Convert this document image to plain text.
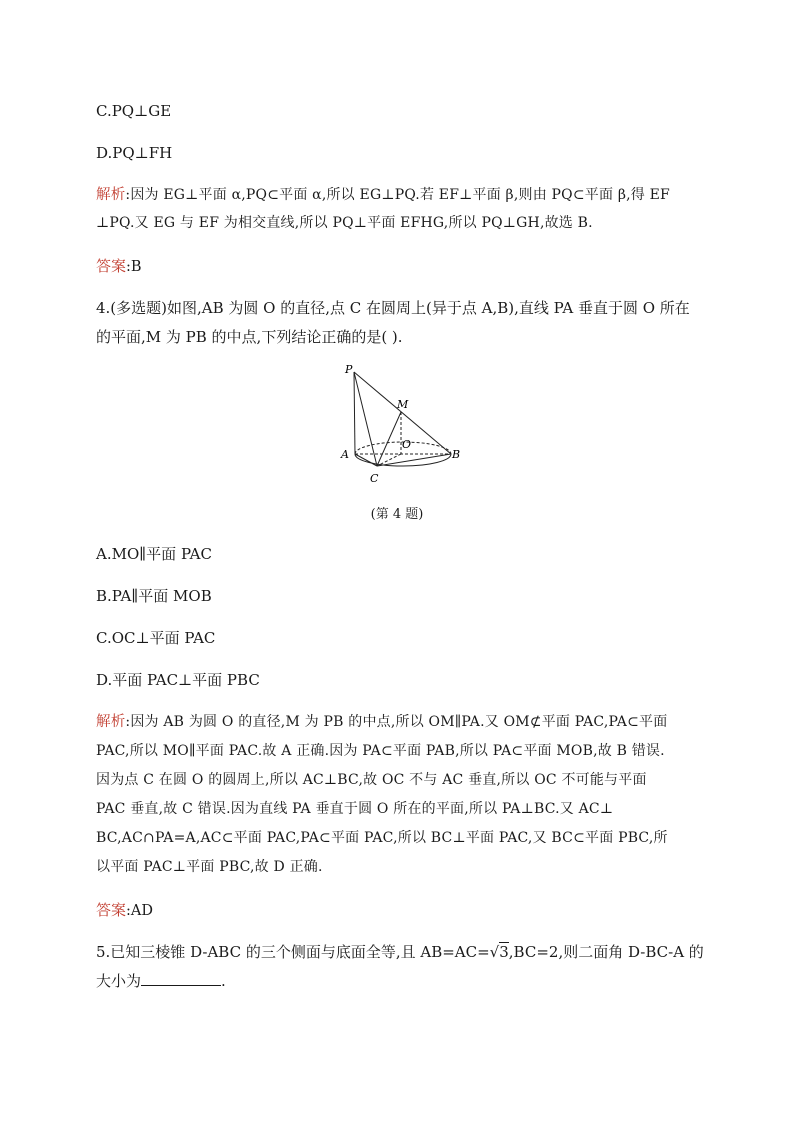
C.PQ⊥GE
D.PQ⊥FH
解析:因为 EG⊥平面 α,PQ⊂平面 α,所以 EG⊥PQ.若 EF⊥平面 β,则由 PQ⊂平面 β,得 EF
⊥PQ.又 EG 与 EF 为相交直线,所以 PQ⊥平面 EFHG,所以 PQ⊥GH,故选 B.
答案:B
4.(多选题)如图,AB 为圆 O 的直径,点 C 在圆周上(异于点 A,B),直线 PA 垂直于圆 O 所在
的平面,M 为 PB 的中点,下列结论正确的是( ).
P
M
O
A	B
C
(第 4 题)
A.MO∥平面 PAC
B.PA∥平面 MOB
C.OC⊥平面 PAC
D.平面 PAC⊥平面 PBC
解析:因为 AB 为圆 O 的直径,M 为 PB 的中点,所以 OM∥PA.又 OM⊄平面 PAC,PA⊂平面
PAC,所以 MO∥平面 PAC.故 A 正确.因为 PA⊂平面 PAB,所以 PA⊂平面 MOB,故 B 错误.
因为点 C 在圆 O 的圆周上,所以 AC⊥BC,故 OC 不与 AC 垂直,所以 OC 不可能与平面
PAC 垂直,故 C 错误.因为直线 PA 垂直于圆 O 所在的平面,所以 PA⊥BC.又 AC⊥
BC,AC∩PA=A,AC⊂平面 PAC,PA⊂平面 PAC,所以 BC⊥平面 PAC,又 BC⊂平面 PBC,所
以平面 PAC⊥平面 PBC,故 D 正确.
答案:AD
5.已知三棱锥 D-ABC 的三个侧面与底面全等,且 AB=AC=√3,BC=2,则二面角 D-BC-A 的
大小为	.
